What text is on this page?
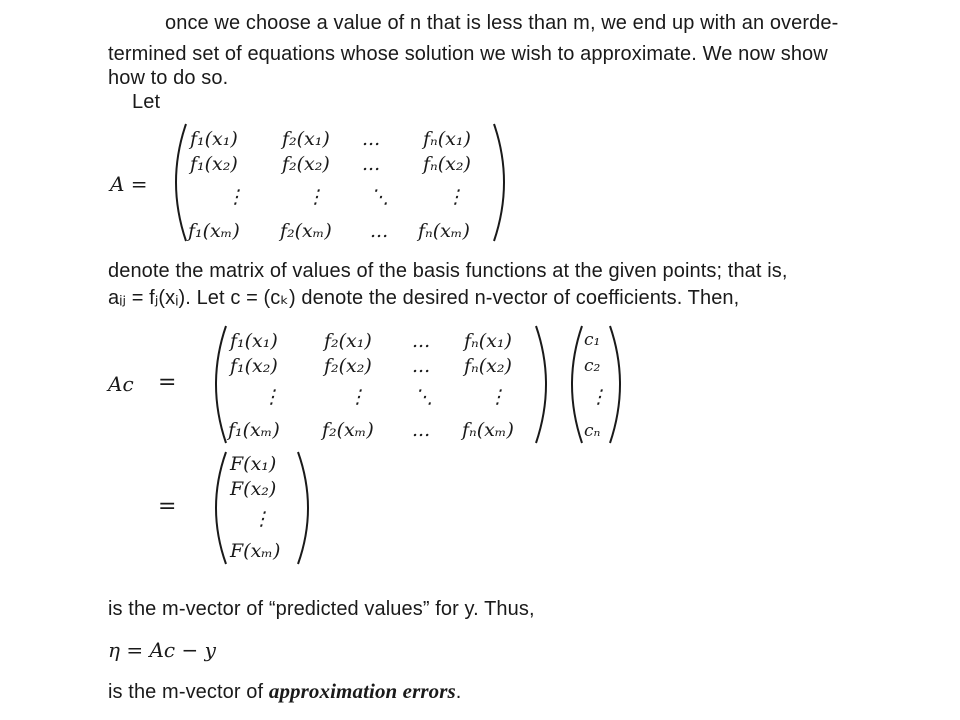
once we choose a value of n that is less than m, we end up with an overde-
termined set of equations whose solution we wish to approximate. We now show
how to do so.
Let
A =
f₁(x₁) f₂(x₁) ... fₙ(x₁)
f₁(x₂) f₂(x₂) ... fₙ(x₂)
⋮	⋮ ⋱	⋮
f₁(xₘ) f₂(xₘ) ... fₙ(xₘ)
denote the matrix of values of the basis functions at the given points; that is,
aᵢⱼ = fⱼ(xᵢ). Let c = (cₖ) denote the desired n-vector of coefficients. Then,
Ac =
f₁(x₁) f₂(x₁) ... fₙ(x₁)
f₁(x₂) f₂(x₂) ... fₙ(x₂)
⋮	⋮ ⋱	⋮
f₁(xₘ) f₂(xₘ) ... fₙ(xₘ)
c₁
c₂
⋮
cₙ
=
F(x₁)
F(x₂)
⋮
F(xₘ)
is the m-vector of “predicted values” for y. Thus,
η = Ac − y
is the m-vector of approximation errors.
